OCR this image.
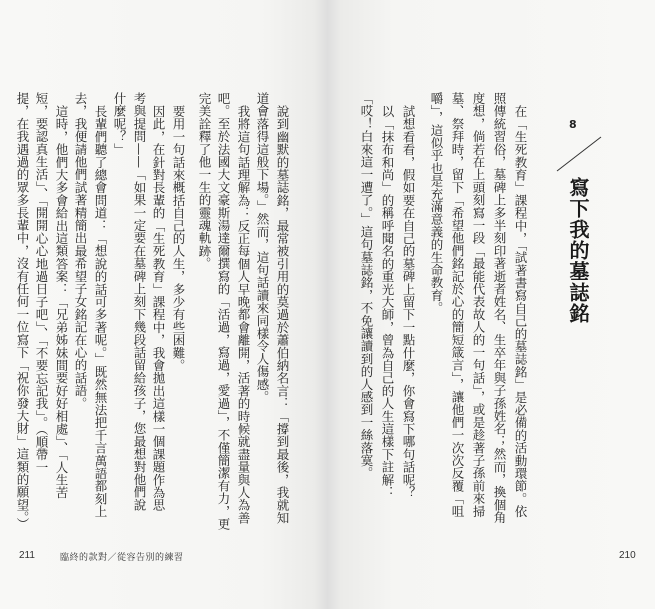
說到幽默的墓誌銘，最常被引用的莫過於蕭伯納名言：「撐到最後，我就知
道會落得這般下場。」然而，這句話讀來同樣令人傷感。
我將這句話理解為：反正每個人早晚都會離開，活著的時候就盡量與人為善
吧。至於法國大文豪斯湯達爾撰寫的「活過，寫過，愛過」，不僅簡潔有力，更
完美詮釋了他一生的靈魂軌跡。
要用一句話來概括自己的人生，多少有些困難。
因此，在針對長輩的「生死教育」課程中，我會拋出這樣一個課題作為思
考與提問——「如果一定要在墓碑上刻下幾段話留給孩子，您最想對他們說
什麼呢？」
長輩們聽了總會問道：「想說的話可多著呢。」既然無法把千言萬語都刻上
去，我便請他們試著精簡出最希望子女銘記在心的話語。
這時，他們大多會給出這類答案：「兄弟姊妹間要好好相處」、「人生苦
短，要認真生活」、「開開心心地過日子吧」、「不要忘記我」。（順帶一
提，在我遇過的眾多長輩中，沒有任何一位寫下「祝你發大財」這類的願望。）
211	臨終的款對／從容告別的練習
8
寫下我的墓誌銘
在「生死教育」課程中，「試著書寫自己的墓誌銘」是必備的活動環節。依
照傳統習俗，墓碑上多半刻印著逝者姓名、生卒年與子孫姓名；然而，換個角
度想，倘若在上頭刻寫一段「最能代表故人的一句話」，或是趁著子孫前來掃
墓、祭拜時，留下「希望他們銘記於心的簡短箴言」，讓他們一次次反覆「咀
嚼」，這似乎也是充滿意義的生命教育。
試想看看，假如要在自己的墓碑上留下一點什麼，你會寫下哪句話呢？
以「抹布和尚」的稱呼聞名的重光大師，曾為自己的人生這樣下註解：
「哎！白來這一遭了。」這句墓誌銘，不免讓讀到的人感到一絲落寞。
210
